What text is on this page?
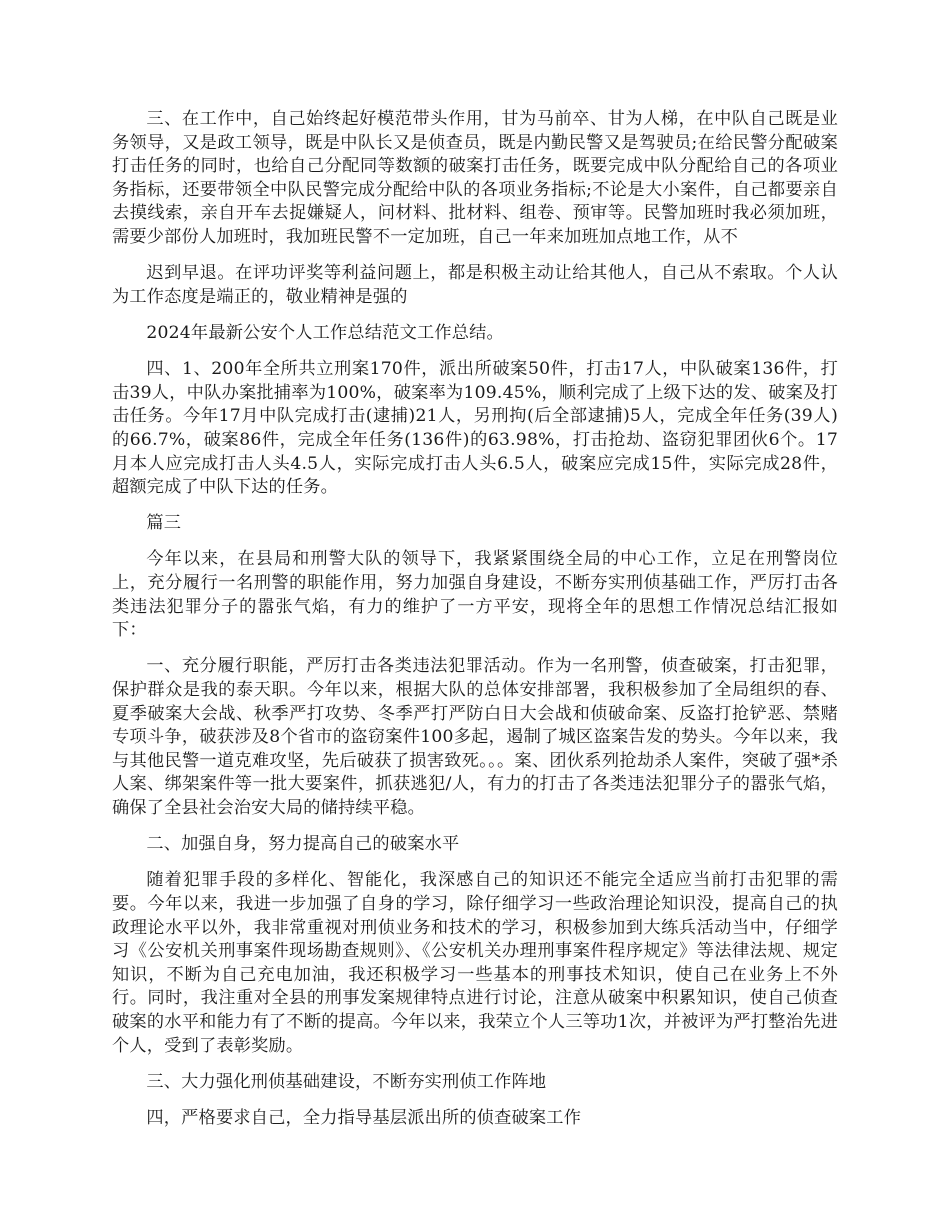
三、在工作中，自己始终起好模范带头作用，甘为马前卒、甘为人梯，在中队自己既是业务领导，又是政工领导，既是中队长又是侦查员，既是内勤民警又是驾驶员;在给民警分配破案打击任务的同时，也给自己分配同等数额的破案打击任务，既要完成中队分配给自己的各项业务指标，还要带领全中队民警完成分配给中队的各项业务指标;不论是大小案件，自己都要亲自去摸线索，亲自开车去捉嫌疑人，问材料、批材料、组卷、预审等。民警加班时我必须加班，需要少部份人加班时，我加班民警不一定加班，自己一年来加班加点地工作，从不

迟到早退。在评功评奖等利益问题上，都是积极主动让给其他人，自己从不索取。个人认为工作态度是端正的，敬业精神是强的

2024年最新公安个人工作总结范文工作总结。

四、1、200年全所共立刑案170件，派出所破案50件，打击17人，中队破案136件，打击39人，中队办案批捕率为100%，破案率为109.45%，顺利完成了上级下达的发、破案及打击任务。今年17月中队完成打击(逮捕)21人，另刑拘(后全部逮捕)5人，完成全年任务(39人)的66.7%，破案86件，完成全年任务(136件)的63.98%，打击抢劫、盗窃犯罪团伙6个。17月本人应完成打击人头4.5人，实际完成打击人头6.5人，破案应完成15件，实际完成28件，超额完成了中队下达的任务。

篇三

今年以来，在县局和刑警大队的领导下，我紧紧围绕全局的中心工作，立足在刑警岗位上，充分履行一名刑警的职能作用，努力加强自身建设，不断夯实刑侦基础工作，严厉打击各类违法犯罪分子的嚣张气焰，有力的维护了一方平安，现将全年的思想工作情况总结汇报如下：

一、充分履行职能，严厉打击各类违法犯罪活动。作为一名刑警，侦查破案，打击犯罪，保护群众是我的泰天职。今年以来，根据大队的总体安排部署，我积极参加了全局组织的春、夏季破案大会战、秋季严打攻势、冬季严打严防白日大会战和侦破命案、反盗打抢铲恶、禁赌专项斗争，破获涉及8个省市的盗窃案件100多起，遏制了城区盗案告发的势头。今年以来，我与其他民警一道克难攻坚，先后破获了损害致死。。。案、团伙系列抢劫杀人案件，突破了强*杀人案、绑架案件等一批大要案件，抓获逃犯/人，有力的打击了各类违法犯罪分子的嚣张气焰，确保了全县社会治安大局的储持续平稳。

二、加强自身，努力提高自己的破案水平

随着犯罪手段的多样化、智能化，我深感自己的知识还不能完全适应当前打击犯罪的需要。今年以来，我进一步加强了自身的学习，除仔细学习一些政治理论知识没，提高自己的执政理论水平以外，我非常重视对刑侦业务和技术的学习，积极参加到大练兵活动当中，仔细学习《公安机关刑事案件现场勘查规则》、《公安机关办理刑事案件程序规定》等法律法规、规定知识，不断为自己充电加油，我还积极学习一些基本的刑事技术知识，使自己在业务上不外行。同时，我注重对全县的刑事发案规律特点进行讨论，注意从破案中积累知识，使自己侦查破案的水平和能力有了不断的提高。今年以来，我荣立个人三等功1次，并被评为严打整治先进个人，受到了表彰奖励。

三、大力强化刑侦基础建设，不断夯实刑侦工作阵地

四，严格要求自己，全力指导基层派出所的侦查破案工作
